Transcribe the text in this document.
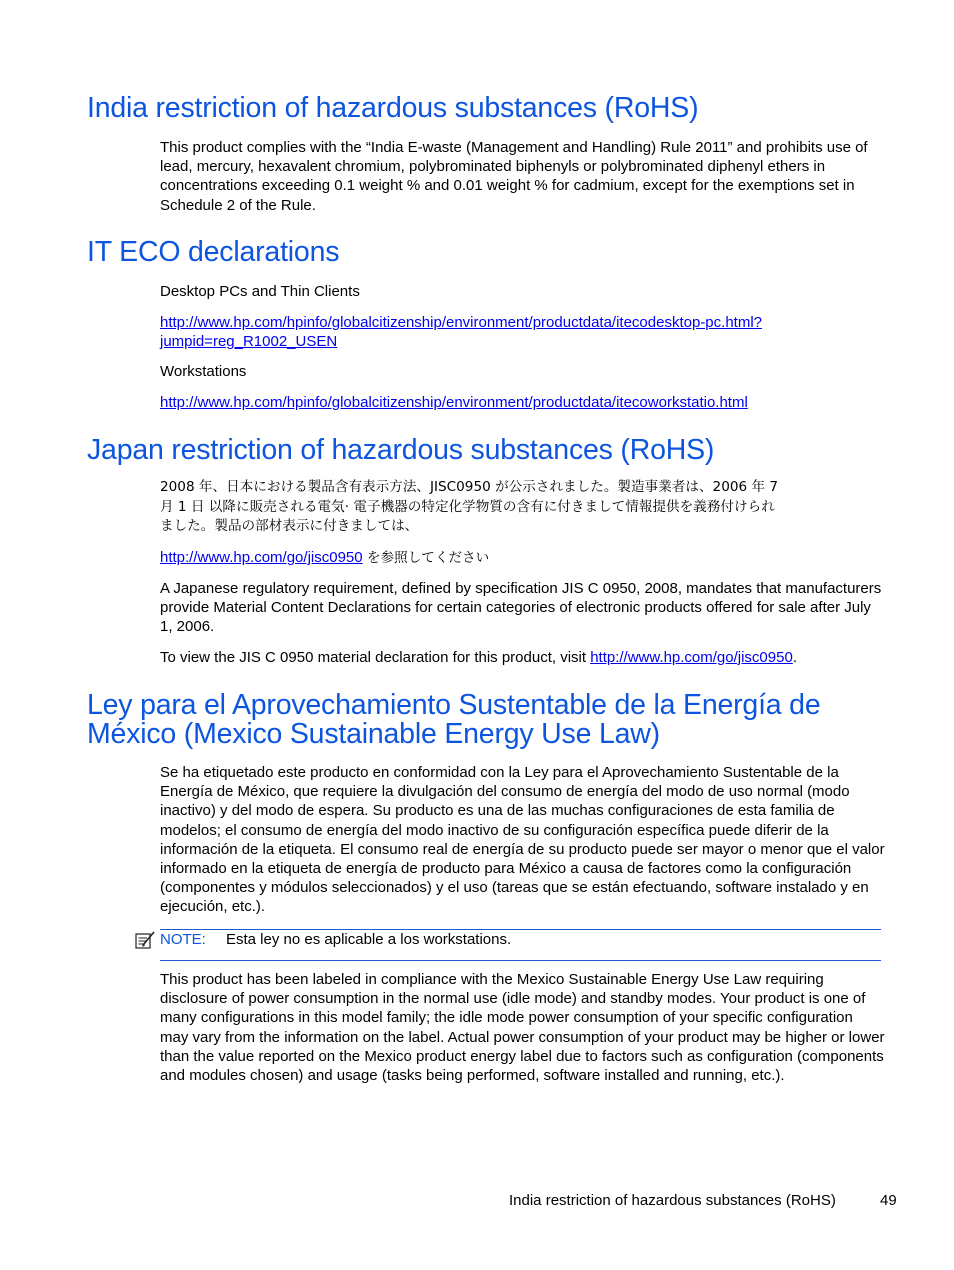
India restriction of hazardous substances (RoHS)

This product complies with the “India E-waste (Management and Handling) Rule 2011” and prohibits use of lead, mercury, hexavalent chromium, polybrominated biphenyls or polybrominated diphenyl ethers in concentrations exceeding 0.1 weight % and 0.01 weight % for cadmium, except for the exemptions set in Schedule 2 of the Rule.

IT ECO declarations

Desktop PCs and Thin Clients

http://www.hp.com/hpinfo/globalcitizenship/environment/productdata/itecodesktop-pc.html?
jumpid=reg_R1002_USEN

Workstations

http://www.hp.com/hpinfo/globalcitizenship/environment/productdata/itecoworkstatio.html

Japan restriction of hazardous substances (RoHS)

2008 年、日本における製品含有表示方法、JISC0950 が公示されました。製造事業者は、2006 年 7
月 1 日 以降に販売される電気· 電子機器の特定化学物質の含有に付きまして情報提供を義務付けられ
ました。製品の部材表示に付きましては、

http://www.hp.com/go/jisc0950 を参照してください

A Japanese regulatory requirement, defined by specification JIS C 0950, 2008, mandates that manufacturers provide Material Content Declarations for certain categories of electronic products offered for sale after July 1, 2006.

To view the JIS C 0950 material declaration for this product, visit http://www.hp.com/go/jisc0950.

Ley para el Aprovechamiento Sustentable de la Energía de
México (Mexico Sustainable Energy Use Law)

Se ha etiquetado este producto en conformidad con la Ley para el Aprovechamiento Sustentable de la Energía de México, que requiere la divulgación del consumo de energía del modo de uso normal (modo inactivo) y del modo de espera. Su producto es una de las muchas configuraciones de esta familia de modelos; el consumo de energía del modo inactivo de su configuración específica puede diferir de la información de la etiqueta. El consumo real de energía de su producto puede ser mayor o menor que el valor informado en la etiqueta de energía de producto para México a causa de factores como la configuración (componentes y módulos seleccionados) y el uso (tareas que se están efectuando, software instalado y en ejecución, etc.).

NOTE: Esta ley no es aplicable a los workstations.

This product has been labeled in compliance with the Mexico Sustainable Energy Use Law requiring disclosure of power consumption in the normal use (idle mode) and standby modes. Your product is one of many configurations in this model family; the idle mode power consumption of your specific configuration may vary from the information on the label. Actual power consumption of your product may be higher or lower than the value reported on the Mexico product energy label due to factors such as configuration (components and modules chosen) and usage (tasks being performed, software installed and running, etc.).

India restriction of hazardous substances (RoHS)	49
